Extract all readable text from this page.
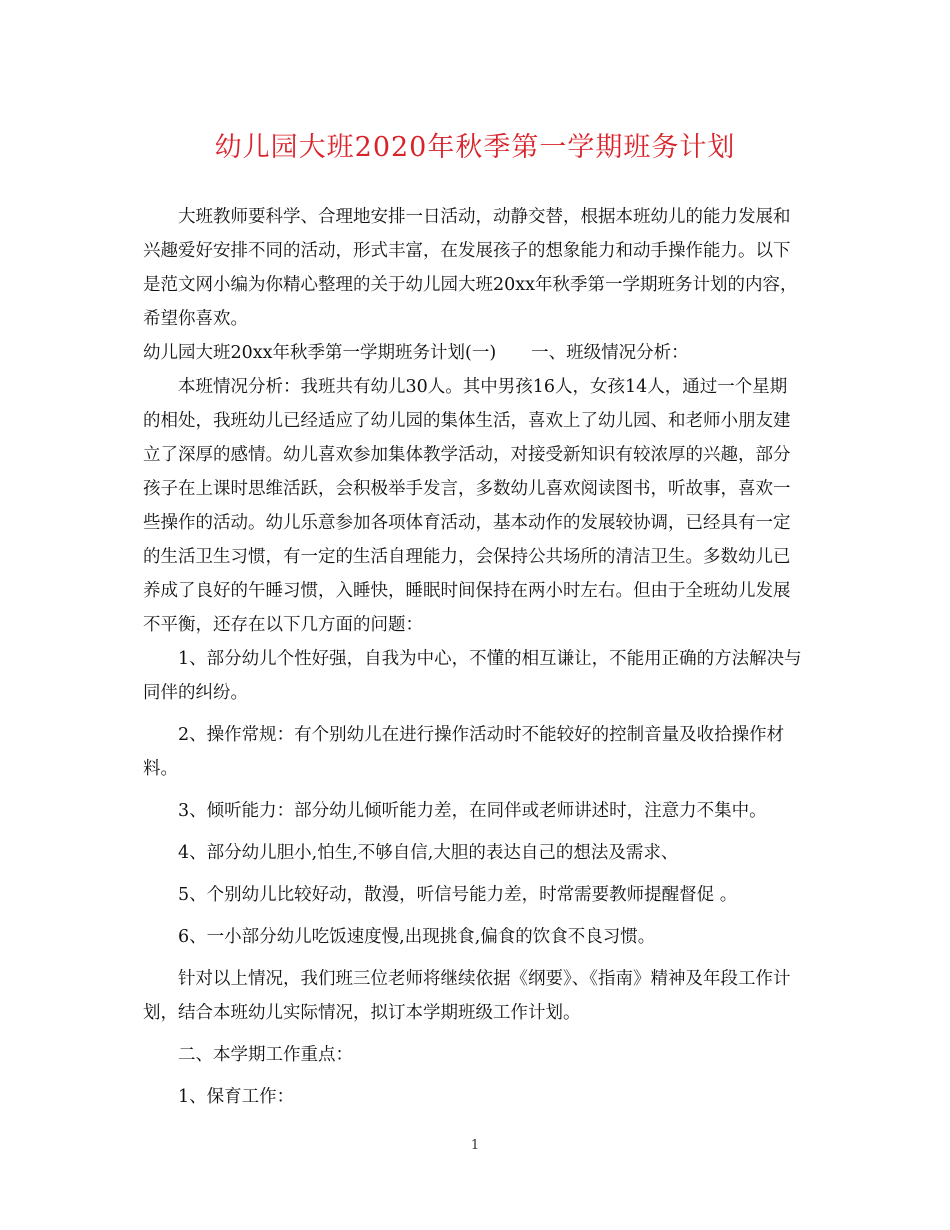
幼儿园大班2020年秋季第一学期班务计划

大班教师要科学、合理地安排一日活动，动静交替，根据本班幼儿的能力发展和兴趣爱好安排不同的活动，形式丰富，在发展孩子的想象能力和动手操作能力。以下是范文网小编为你精心整理的关于幼儿园大班20xx年秋季第一学期班务计划的内容，希望你喜欢。

幼儿园大班20xx年秋季第一学期班务计划(一)　　一、班级情况分析：

本班情况分析：我班共有幼儿30人。其中男孩16人，女孩14人，通过一个星期的相处，我班幼儿已经适应了幼儿园的集体生活，喜欢上了幼儿园、和老师小朋友建立了深厚的感情。幼儿喜欢参加集体教学活动，对接受新知识有较浓厚的兴趣，部分孩子在上课时思维活跃，会积极举手发言，多数幼儿喜欢阅读图书，听故事，喜欢一些操作的活动。幼儿乐意参加各项体育活动，基本动作的发展较协调，已经具有一定的生活卫生习惯，有一定的生活自理能力，会保持公共场所的清洁卫生。多数幼儿已养成了良好的午睡习惯，入睡快，睡眠时间保持在两小时左右。但由于全班幼儿发展不平衡，还存在以下几方面的问题：

1、部分幼儿个性好强，自我为中心，不懂的相互谦让，不能用正确的方法解决与同伴的纠纷。

2、操作常规：有个别幼儿在进行操作活动时不能较好的控制音量及收拾操作材料。

3、倾听能力：部分幼儿倾听能力差，在同伴或老师讲述时，注意力不集中。

4、部分幼儿胆小,怕生,不够自信,大胆的表达自己的想法及需求、

5、个别幼儿比较好动，散漫，听信号能力差，时常需要教师提醒督促 。

6、一小部分幼儿吃饭速度慢,出现挑食,偏食的饮食不良习惯。

针对以上情况，我们班三位老师将继续依据《纲要》、《指南》精神及年段工作计划，结合本班幼儿实际情况，拟订本学期班级工作计划。

二、本学期工作重点：

1、保育工作：

1
